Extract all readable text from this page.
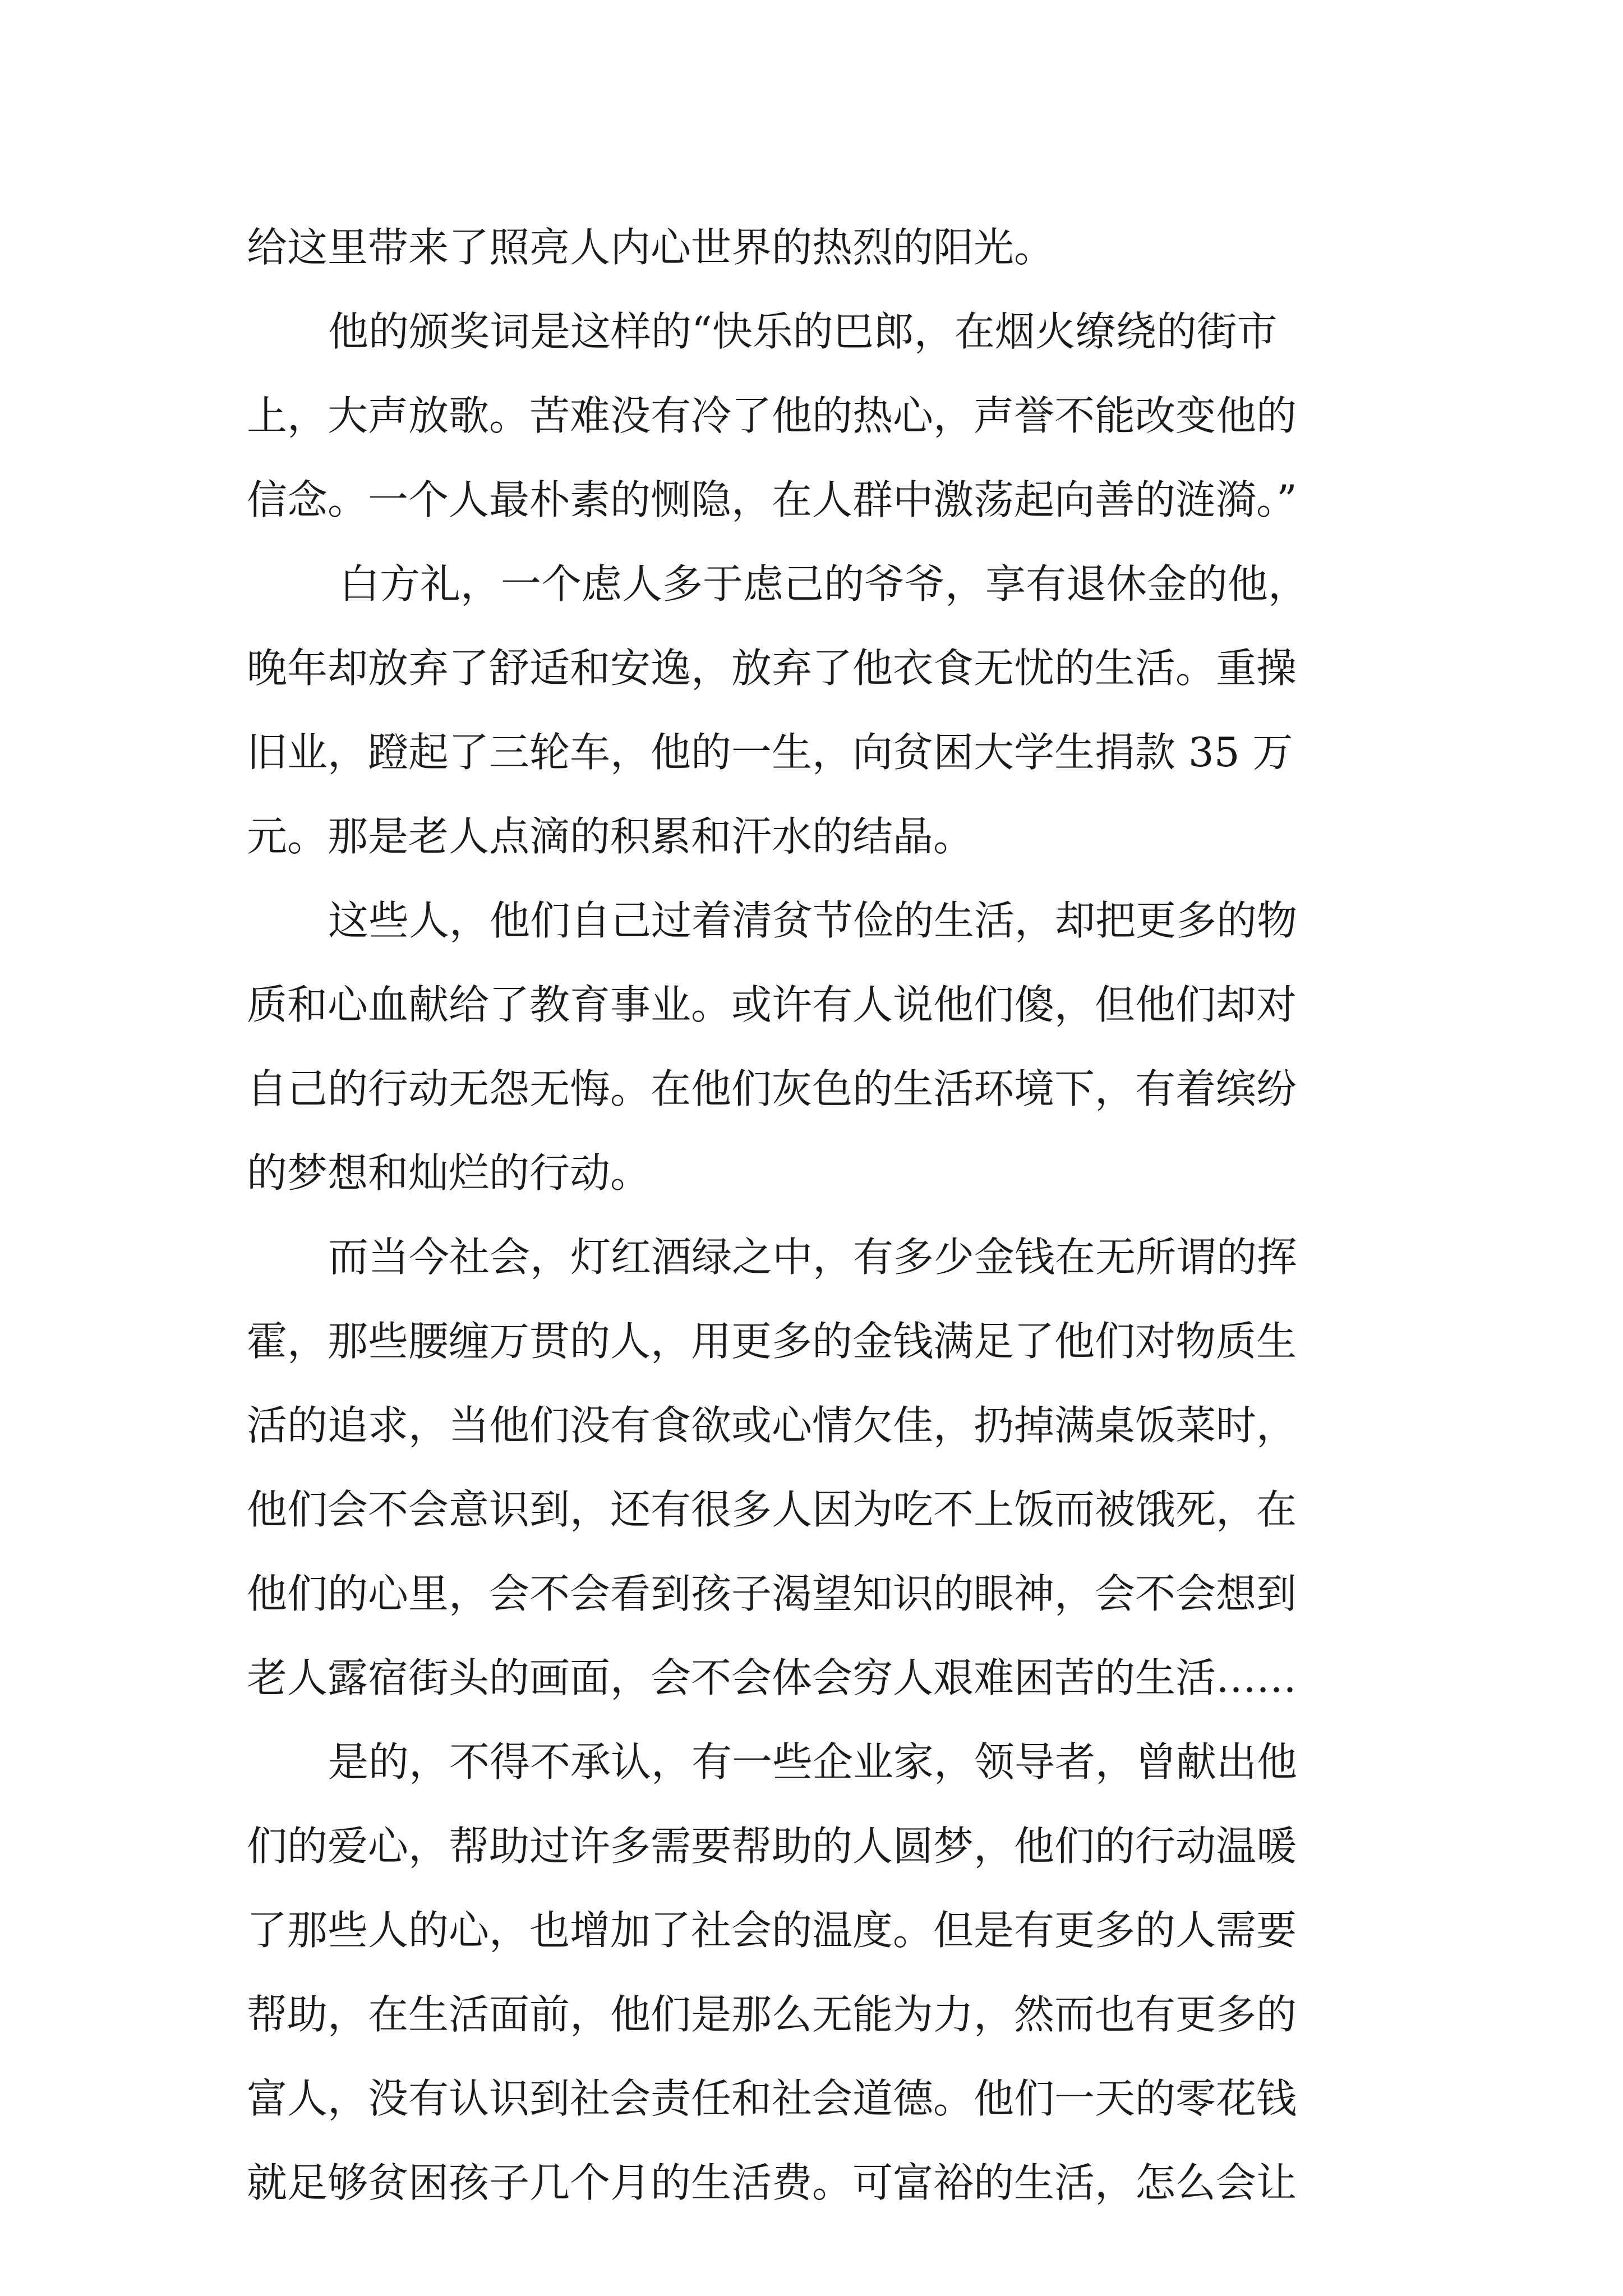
给这里带来了照亮人内心世界的热烈的阳光。
他的颁奖词是这样的“快乐的巴郎，在烟火缭绕的街市
上，大声放歌。苦难没有冷了他的热心，声誉不能改变他的
信念。一个人最朴素的恻隐，在人群中激荡起向善的涟漪。”
白方礼，一个虑人多于虑己的爷爷，享有退休金的他，
晚年却放弃了舒适和安逸，放弃了他衣食无忧的生活。重操
旧业，蹬起了三轮车，他的一生，向贫困大学生捐款 35 万
元。那是老人点滴的积累和汗水的结晶。
这些人，他们自己过着清贫节俭的生活，却把更多的物
质和心血献给了教育事业。或许有人说他们傻，但他们却对
自己的行动无怨无悔。在他们灰色的生活环境下，有着缤纷
的梦想和灿烂的行动。
而当今社会，灯红酒绿之中，有多少金钱在无所谓的挥
霍，那些腰缠万贯的人，用更多的金钱满足了他们对物质生
活的追求，当他们没有食欲或心情欠佳，扔掉满桌饭菜时，
他们会不会意识到，还有很多人因为吃不上饭而被饿死，在
他们的心里，会不会看到孩子渴望知识的眼神，会不会想到
老人露宿街头的画面，会不会体会穷人艰难困苦的生活……
是的，不得不承认，有一些企业家，领导者，曾献出他
们的爱心，帮助过许多需要帮助的人圆梦，他们的行动温暖
了那些人的心，也增加了社会的温度。但是有更多的人需要
帮助，在生活面前，他们是那么无能为力，然而也有更多的
富人，没有认识到社会责任和社会道德。他们一天的零花钱
就足够贫困孩子几个月的生活费。可富裕的生活，怎么会让
